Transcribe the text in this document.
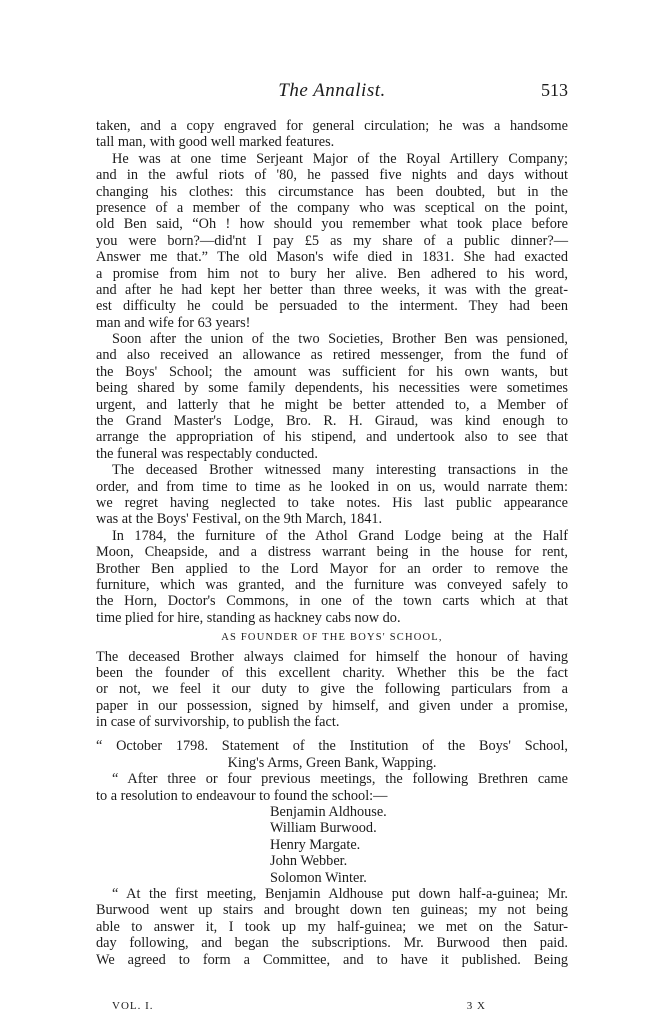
The Annalist.	513
taken, and a copy engraved for general circulation; he was a handsome
tall man, with good well marked features.
He was at one time Serjeant Major of the Royal Artillery Company;
and in the awful riots of '80, he passed five nights and days without
changing his clothes: this circumstance has been doubted, but in the
presence of a member of the company who was sceptical on the point,
old Ben said, “Oh ! how should you remember what took place before
you were born?—did'nt I pay £5 as my share of a public dinner?—
Answer me that.” The old Mason's wife died in 1831. She had exacted
a promise from him not to bury her alive. Ben adhered to his word,
and after he had kept her better than three weeks, it was with the great-
est difficulty he could be persuaded to the interment. They had been
man and wife for 63 years!
Soon after the union of the two Societies, Brother Ben was pensioned,
and also received an allowance as retired messenger, from the fund of
the Boys' School; the amount was sufficient for his own wants, but
being shared by some family dependents, his necessities were sometimes
urgent, and latterly that he might be better attended to, a Member of
the Grand Master's Lodge, Bro. R. H. Giraud, was kind enough to
arrange the appropriation of his stipend, and undertook also to see that
the funeral was respectably conducted.
The deceased Brother witnessed many interesting transactions in the
order, and from time to time as he looked in on us, would narrate them:
we regret having neglected to take notes. His last public appearance
was at the Boys' Festival, on the 9th March, 1841.
In 1784, the furniture of the Athol Grand Lodge being at the Half
Moon, Cheapside, and a distress warrant being in the house for rent,
Brother Ben applied to the Lord Mayor for an order to remove the
furniture, which was granted, and the furniture was conveyed safely to
the Horn, Doctor's Commons, in one of the town carts which at that
time plied for hire, standing as hackney cabs now do.
AS FOUNDER OF THE BOYS' SCHOOL,
The deceased Brother always claimed for himself the honour of having
been the founder of this excellent charity. Whether this be the fact
or not, we feel it our duty to give the following particulars from a
paper in our possession, signed by himself, and given under a promise,
in case of survivorship, to publish the fact.
“ October 1798. Statement of the Institution of the Boys' School,
King's Arms, Green Bank, Wapping.
“ After three or four previous meetings, the following Brethren came
to a resolution to endeavour to found the school:—
Benjamin Aldhouse.
William Burwood.
Henry Margate.
John Webber.
Solomon Winter.
“ At the first meeting, Benjamin Aldhouse put down half-a-guinea; Mr.
Burwood went up stairs and brought down ten guineas; my not being
able to answer it, I took up my half-guinea; we met on the Satur-
day following, and began the subscriptions. Mr. Burwood then paid.
We agreed to form a Committee, and to have it published. Being
VOL. I.	3 X
